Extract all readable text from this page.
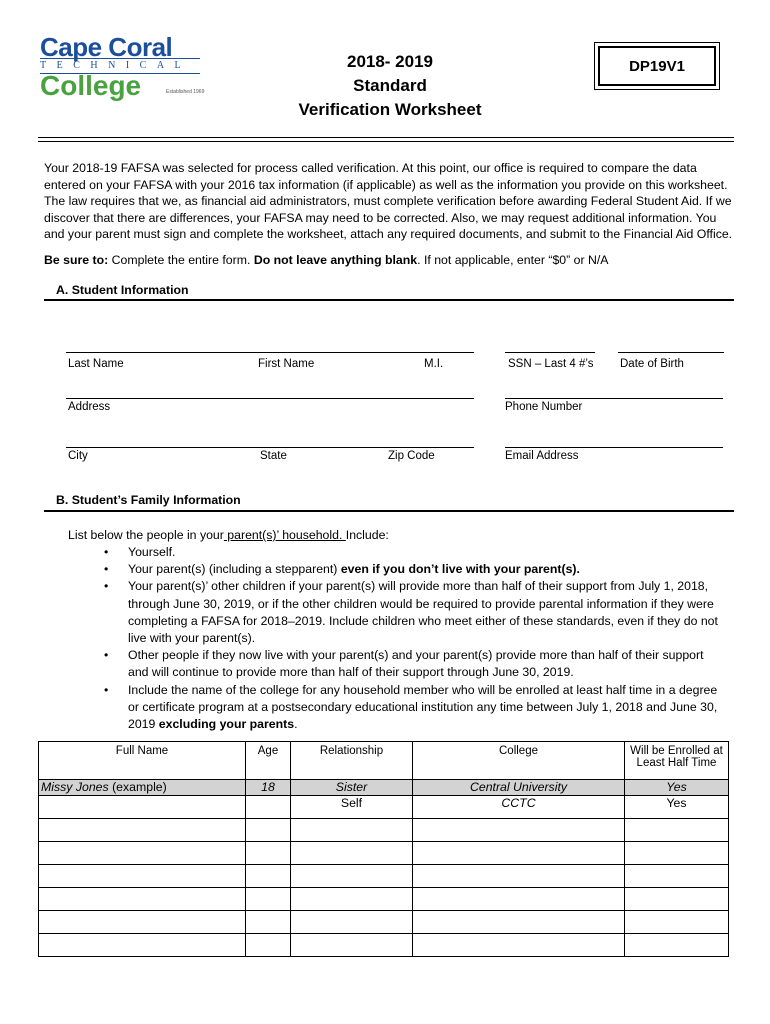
Cape Coral
TECHNICAL
College	Established 1969
2018- 2019
Standard
Verification Worksheet
DP19V1
Your 2018-19 FAFSA was selected for process called verification. At this point, our office is required to compare the data entered on your FAFSA with your 2016 tax information (if applicable) as well as the information you provide on this worksheet. The law requires that we, as financial aid administrators, must complete verification before awarding Federal Student Aid. If we discover that there are differences, your FAFSA may need to be corrected. Also, we may request additional information. You and your parent must sign and complete the worksheet, attach any required documents, and submit to the Financial Aid Office.
Be sure to: Complete the entire form. Do not leave anything blank. If not applicable, enter “$0” or N/A
A. Student Information
Last Name	First Name	M.I.	SSN – Last 4 #’s Date of Birth
Address	Phone Number
City	State	Zip Code	Email Address
B. Student’s Family Information
List below the people in your parent(s)’ household. Include:
• Yourself.
• Your parent(s) (including a stepparent) even if you don’t live with your parent(s).
• Your parent(s)’ other children if your parent(s) will provide more than half of their support from July 1, 2018, through June 30, 2019, or if the other children would be required to provide parental information if they were completing a FAFSA for 2018–2019. Include children who meet either of these standards, even if they do not live with your parent(s).
• Other people if they now live with your parent(s) and your parent(s) provide more than half of their support and will continue to provide more than half of their support through June 30, 2019.
• Include the name of the college for any household member who will be enrolled at least half time in a degree or certificate program at a postsecondary educational institution any time between July 1, 2018 and June 30, 2019 excluding your parents.
Full Name	Age	Relationship	College	Will be Enrolled at Least Half Time
Missy Jones (example)	18	Sister	Central University	Yes
		Self	CCTC	Yes
